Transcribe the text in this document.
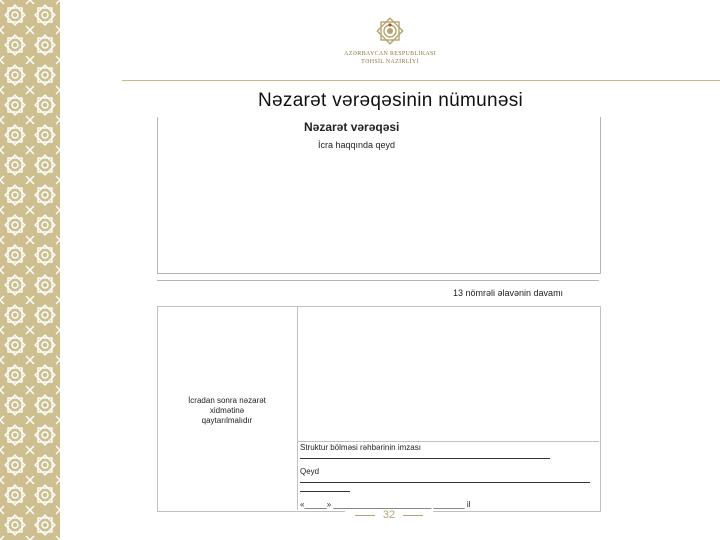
AZƏRBAYCAN RESPUBLİKASI
TƏHSİL NAZİRLİYİ
Nəzarət vərəqəsinin nümunəsi
Nəzarət vərəqəsi
İcra haqqında qeyd
13 nömrəli əlavənin davamı
İcradan sonra nəzarət
xidmətinə
qaytarılmalıdır
Struktur bölməsi rəhbərinin imzası
Qeyd
«_____» ______________________ _______ il
32
